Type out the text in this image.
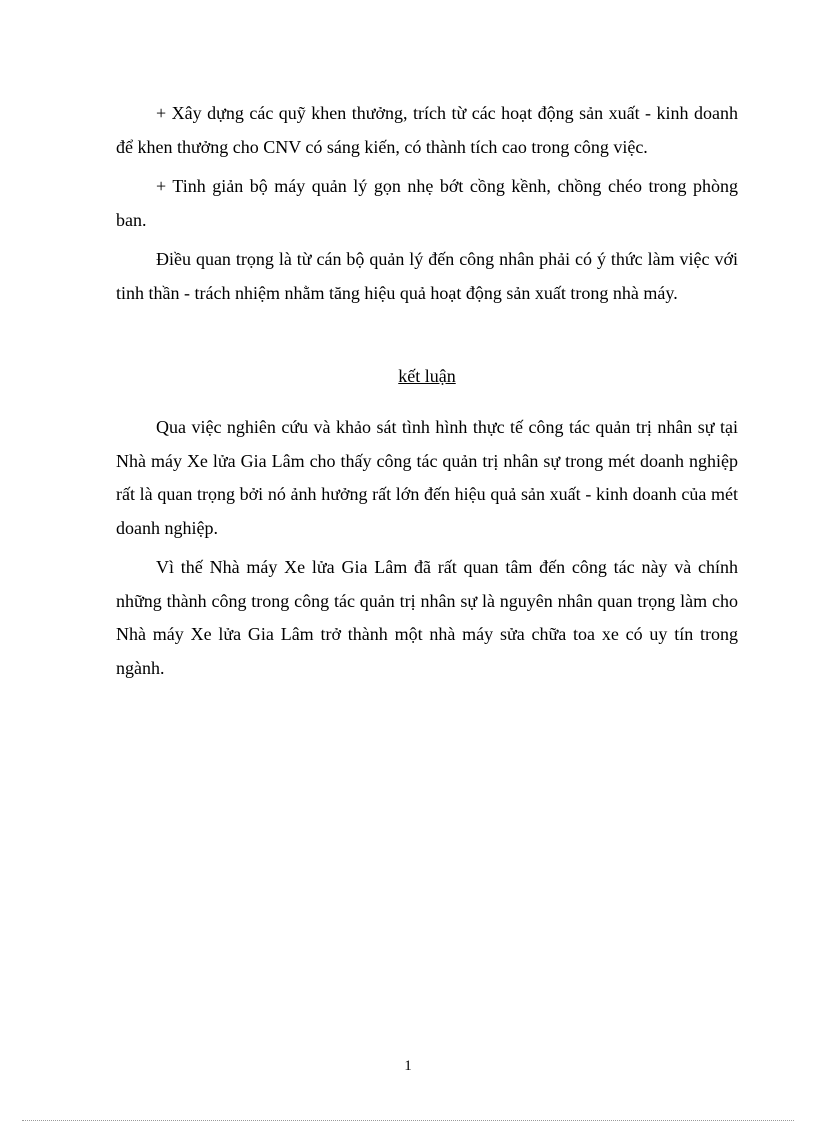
+ Xây dựng các quỹ khen thưởng, trích từ các hoạt động sản xuất - kinh doanh để khen thưởng cho CNV có sáng kiến, có thành tích cao trong công việc.

+ Tinh giản bộ máy quản lý gọn nhẹ bớt cồng kềnh, chồng chéo trong phòng ban.

Điều quan trọng là từ cán bộ quản lý đến công nhân phải có ý thức làm việc với tinh thần - trách nhiệm nhằm tăng hiệu quả hoạt động sản xuất trong nhà máy.

kết luận

Qua việc nghiên cứu và khảo sát tình hình thực tế công tác quản trị nhân sự tại Nhà máy Xe lửa Gia Lâm cho thấy công tác quản trị nhân sự trong mét doanh nghiệp rất là quan trọng bởi nó ảnh hưởng rất lớn đến hiệu quả sản xuất - kinh doanh của mét doanh nghiệp.

Vì thế Nhà máy Xe lửa Gia Lâm đã rất quan tâm đến công tác này và chính những thành công trong công tác quản trị nhân sự là nguyên nhân quan trọng làm cho Nhà máy Xe lửa Gia Lâm trở thành một nhà máy sửa chữa toa xe có uy tín trong ngành.

1
